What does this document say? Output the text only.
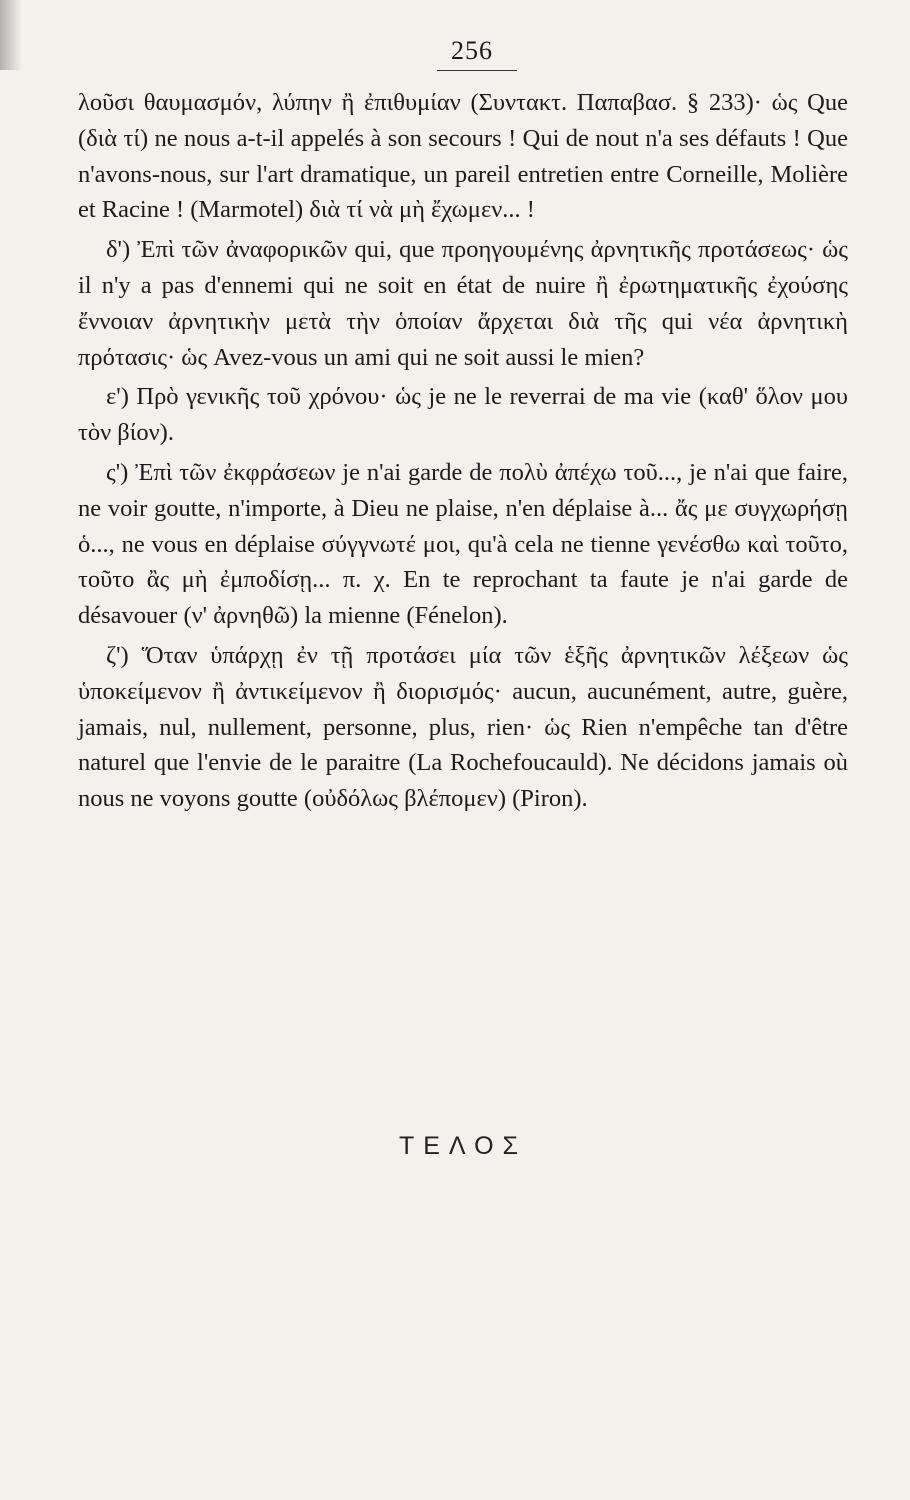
256

λοῦσι θαυμασμόν, λύπην ἢ ἐπιθυμίαν (Συντακτ. Παπαβασ. § 233)· ὡς Que (διὰ τί) ne nous a-t-il appelés à son secours ! Qui de nout n'a ses défauts ! Que n'avons-nous, sur l'art dramatique, un pareil entretien entre Corneille, Molière et Racine ! (Marmotel) διὰ τί νὰ μὴ ἔχωμεν... !

δ') Ἐπὶ τῶν ἀναφορικῶν qui, que προηγουμένης ἀρνητικῆς προτάσεως· ὡς il n'y a pas d'ennemi qui ne soit en état de nuire ἢ ἐρωτηματικῆς ἐχούσης ἔννοιαν ἀρνητικὴν μετὰ τὴν ὁποίαν ἄρχεται διὰ τῆς qui νέα ἀρνητικὴ πρότασις· ὡς Avez-vous un ami qui ne soit aussi le mien?

ε') Πρὸ γενικῆς τοῦ χρόνου· ὡς je ne le reverrai de ma vie (καθ' ὅλον μου τὸν βίον).

ς') Ἐπὶ τῶν ἐκφράσεων je n'ai garde de πολὺ ἀπέχω τοῦ..., je n'ai que faire, ne voir goutte, n'importe, à Dieu ne plaise, n'en déplaise à... ἄς με συγχωρήσῃ ὁ..., ne vous en déplaise σύγγνωτέ μοι, qu'à cela ne tienne γενέσθω καὶ τοῦτο, τοῦτο ἂς μὴ ἐμποδίσῃ... π. χ. En te reprochant ta faute je n'ai garde de désavouer (ν' ἀρνηθῶ) la mienne (Fénelon).

ζ') Ὅταν ὑπάρχῃ ἐν τῇ προτάσει μία τῶν ἑξῆς ἀρνητικῶν λέξεων ὡς ὑποκείμενον ἢ ἀντικείμενον ἢ διορισμός· aucun, aucunément, autre, guère, jamais, nul, nullement, personne, plus, rien· ὡς Rien n'empêche tan d'être naturel que l'envie de le paraitre (La Rochefoucauld). Ne décidons jamais où nous ne voyons goutte (οὐδόλως βλέπομεν) (Piron).

ΤΕΛΟΣ
